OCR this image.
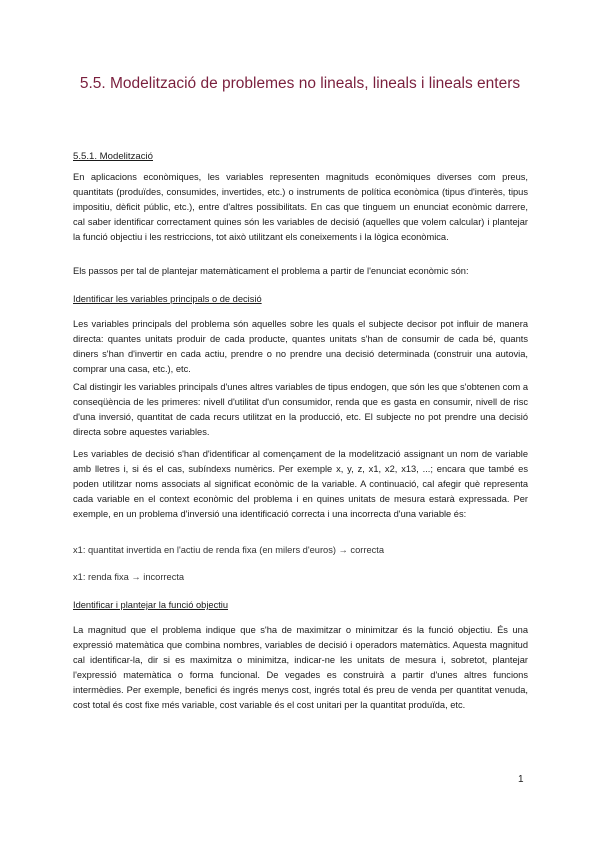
5.5. Modelització de problemes no lineals, lineals i lineals enters

5.5.1. Modelització

En aplicacions econòmiques, les variables representen magnituds econòmiques diverses com preus, quantitats (produïdes, consumides, invertides, etc.) o instruments de política econòmica (tipus d'interès, tipus impositiu, dèficit públic, etc.), entre d'altres possibilitats. En cas que tinguem un enunciat econòmic darrere, cal saber identificar correctament quines són les variables de decisió (aquelles que volem calcular) i plantejar la funció objectiu i les restriccions, tot això utilitzant els coneixements i la lògica econòmica.

Els passos per tal de plantejar matemàticament el problema a partir de l'enunciat econòmic són:

Identificar les variables principals o de decisió

Les variables principals del problema són aquelles sobre les quals el subjecte decisor pot influir de manera directa: quantes unitats produir de cada producte, quantes unitats s'han de consumir de cada bé, quants diners s'han d'invertir en cada actiu, prendre o no prendre una decisió determinada (construir una autovia, comprar una casa, etc.), etc.

Cal distingir les variables principals d'unes altres variables de tipus endogen, que són les que s'obtenen com a conseqüència de les primeres: nivell d'utilitat d'un consumidor, renda que es gasta en consumir, nivell de risc d'una inversió, quantitat de cada recurs utilitzat en la producció, etc. El subjecte no pot prendre una decisió directa sobre aquestes variables.

Les variables de decisió s'han d'identificar al començament de la modelització assignant un nom de variable amb lletres i, si és el cas, subíndexs numèrics. Per exemple x, y, z, x1, x2, x13, ...; encara que també es poden utilitzar noms associats al significat econòmic de la variable. A continuació, cal afegir què representa cada variable en el context econòmic del problema i en quines unitats de mesura estarà expressada. Per exemple, en un problema d'inversió una identificació correcta i una incorrecta d'una variable és:

x1: quantitat invertida en l'actiu de renda fixa (en milers d'euros) → correcta

x1: renda fixa → incorrecta

Identificar i plantejar la funció objectiu

La magnitud que el problema indique que s'ha de maximitzar o minimitzar és la funció objectiu. És una expressió matemàtica que combina nombres, variables de decisió i operadors matemàtics. Aquesta magnitud cal identificar-la, dir si es maximitza o minimitza, indicar-ne les unitats de mesura i, sobretot, plantejar l'expressió matemàtica o forma funcional. De vegades es construirà a partir d'unes altres funcions intermèdies. Per exemple, benefici és ingrés menys cost, ingrés total és preu de venda per quantitat venuda, cost total és cost fixe més variable, cost variable és el cost unitari per la quantitat produïda, etc.

1
